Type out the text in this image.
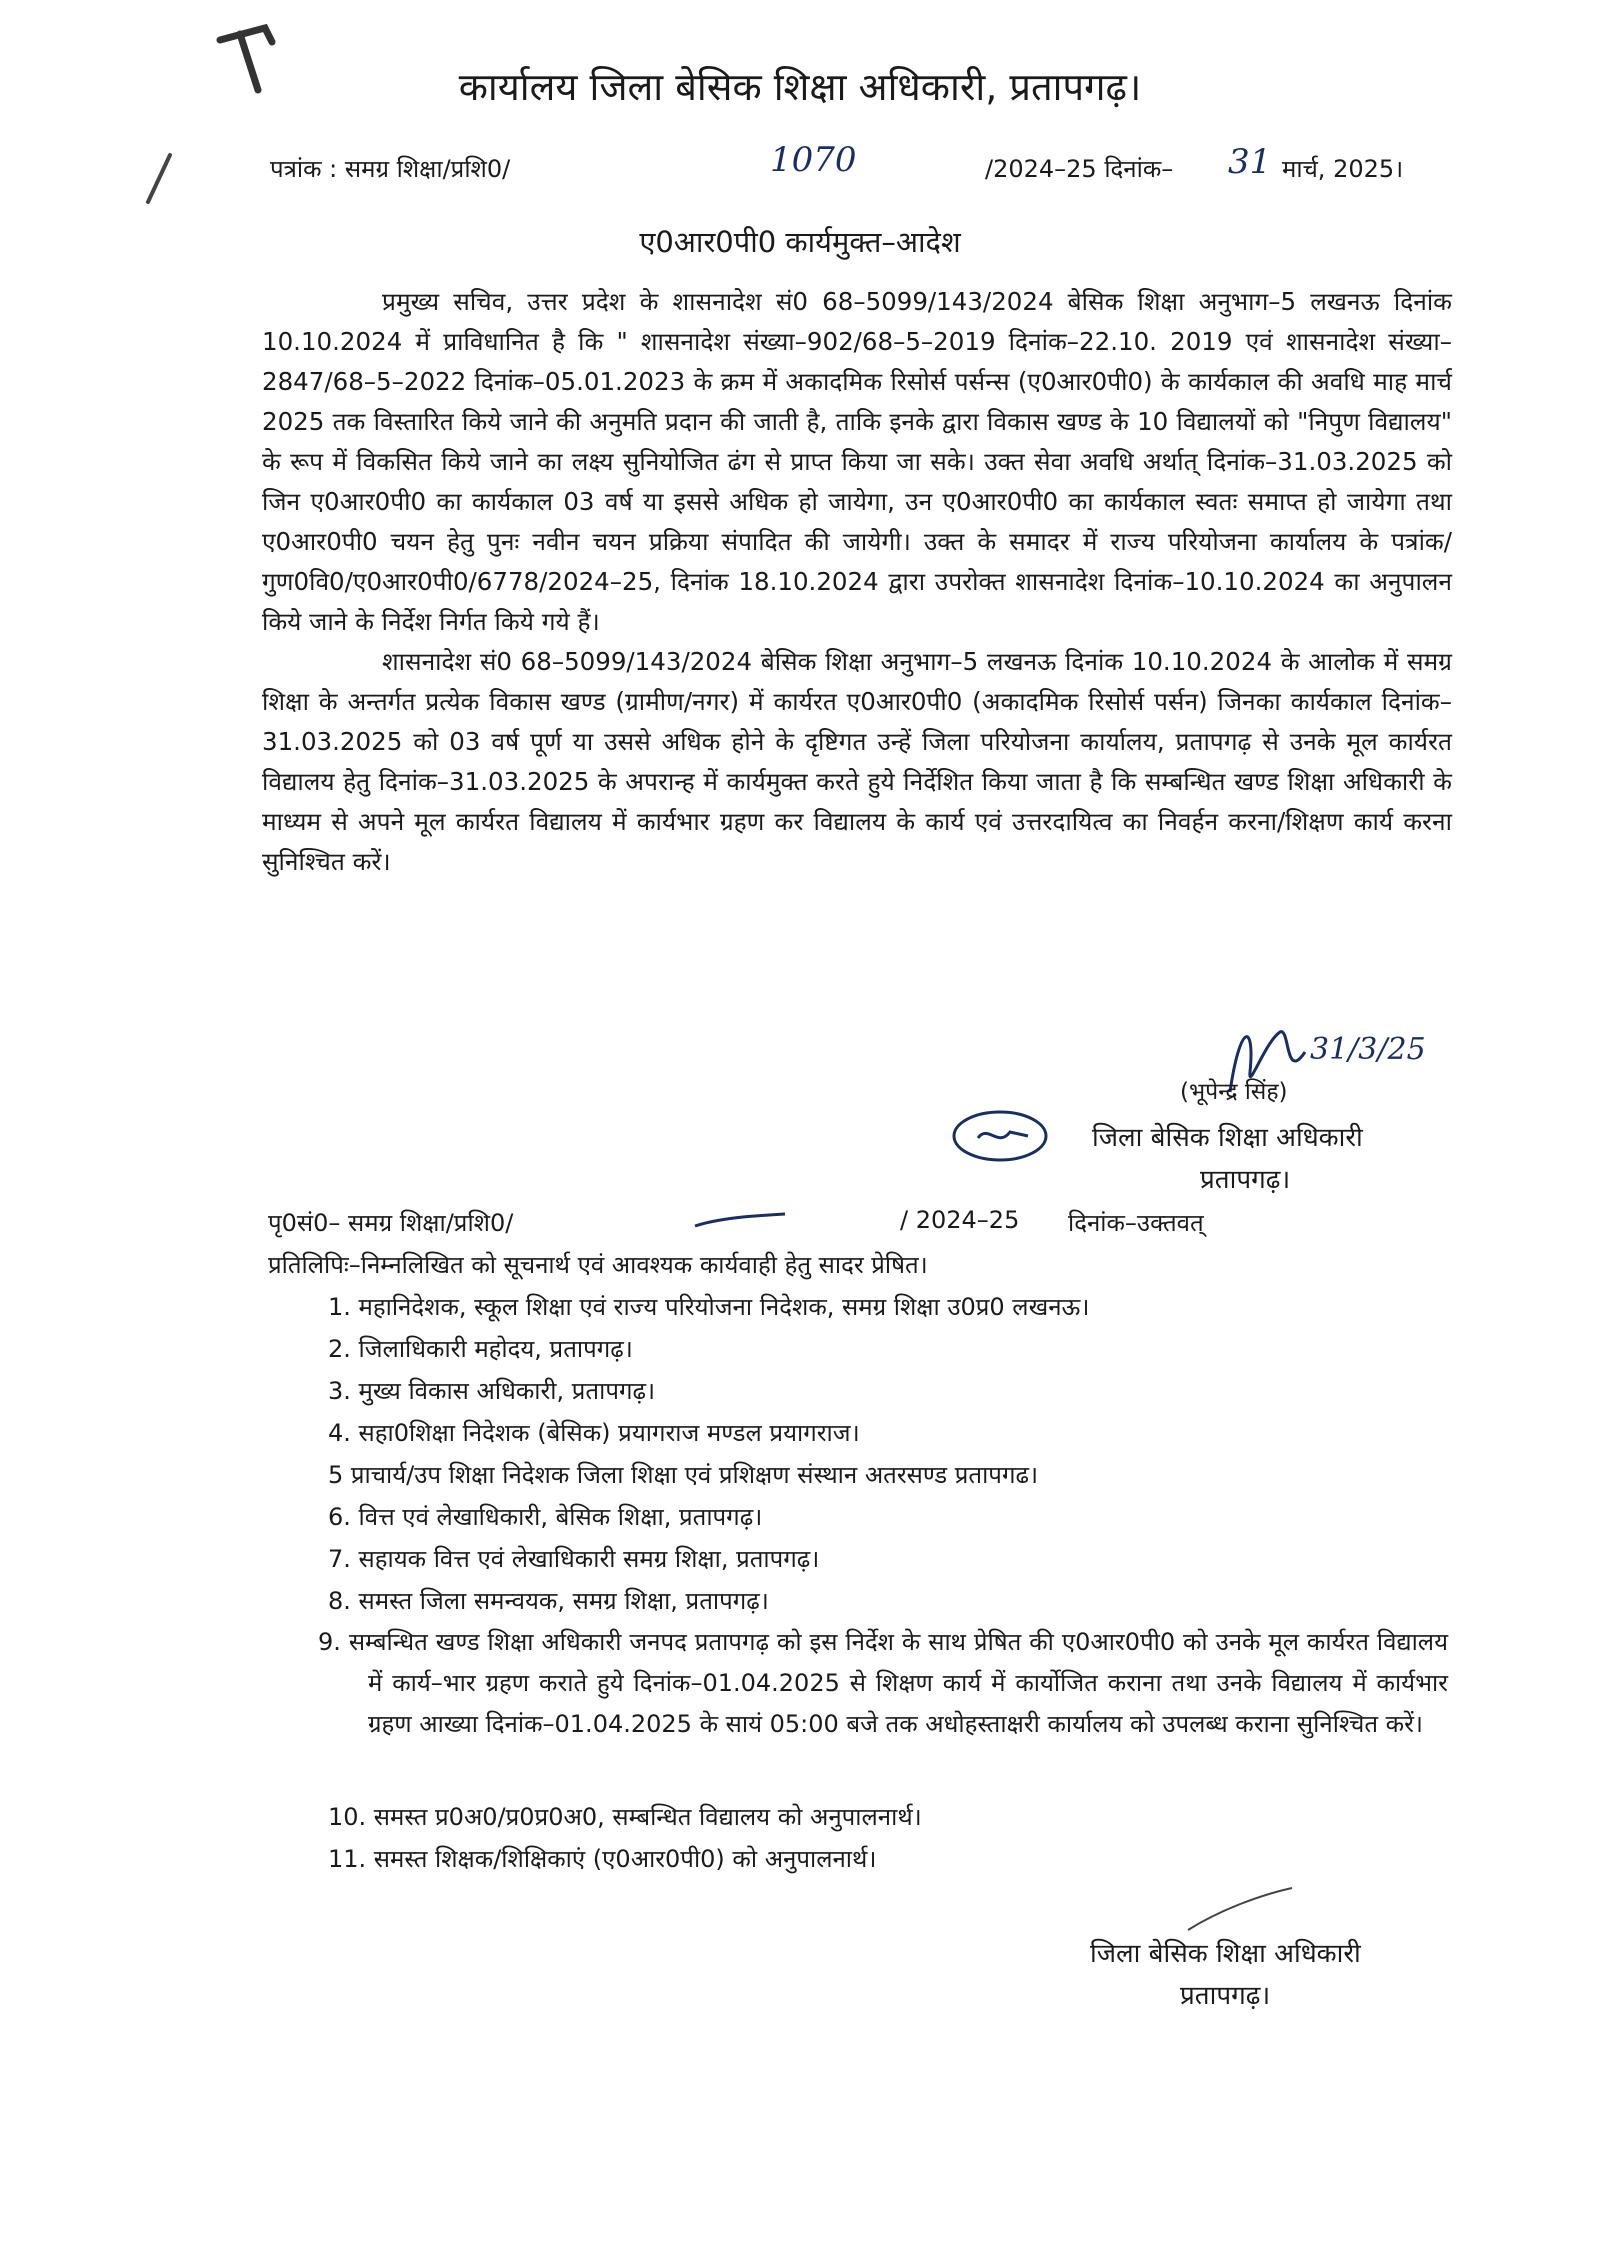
कार्यालय जिला बेसिक शिक्षा अधिकारी, प्रतापगढ़।
पत्रांक : समग्र शिक्षा/प्रशि0/	1070	/2024–25 दिनांक– 31 मार्च, 2025।
ए0आर0पी0 कार्यमुक्त–आदेश

प्रमुख्य सचिव, उत्तर प्रदेश के शासनादेश सं0 68–5099/143/2024 बेसिक शिक्षा अनुभाग–5 लखनऊ दिनांक 10.10.2024 में प्राविधानित है कि " शासनादेश संख्या–902/68–5–2019 दिनांक–22.10. 2019 एवं शासनादेश संख्या–2847/68–5–2022 दिनांक–05.01.2023 के क्रम में अकादमिक रिसोर्स पर्सन्स (ए0आर0पी0) के कार्यकाल की अवधि माह मार्च 2025 तक विस्तारित किये जाने की अनुमति प्रदान की जाती है, ताकि इनके द्वारा विकास खण्ड के 10 विद्यालयों को "निपुण विद्यालय" के रूप में विकसित किये जाने का लक्ष्य सुनियोजित ढंग से प्राप्त किया जा सके। उक्त सेवा अवधि अर्थात् दिनांक–31.03.2025 को जिन ए0आर0पी0 का कार्यकाल 03 वर्ष या इससे अधिक हो जायेगा, उन ए0आर0पी0 का कार्यकाल स्वतः समाप्त हो जायेगा तथा ए0आर0पी0 चयन हेतु पुनः नवीन चयन प्रक्रिया संपादित की जायेगी। उक्त के समादर में राज्य परियोजना कार्यालय के पत्रांक/ गुण0वि0/ए0आर0पी0/6778/2024–25, दिनांक 18.10.2024 द्वारा उपरोक्त शासनादेश दिनांक–10.10.2024 का अनुपालन किये जाने के निर्देश निर्गत किये गये हैं।

शासनादेश सं0 68–5099/143/2024 बेसिक शिक्षा अनुभाग–5 लखनऊ दिनांक 10.10.2024 के आलोक में समग्र शिक्षा के अन्तर्गत प्रत्येक विकास खण्ड (ग्रामीण/नगर) में कार्यरत ए0आर0पी0 (अकादमिक रिसोर्स पर्सन) जिनका कार्यकाल दिनांक–31.03.2025 को 03 वर्ष पूर्ण या उससे अधिक होने के दृष्टिगत उन्हें जिला परियोजना कार्यालय, प्रतापगढ़ से उनके मूल कार्यरत विद्यालय हेतु दिनांक–31.03.2025 के अपरान्ह में कार्यमुक्त करते हुये निर्देशित किया जाता है कि सम्बन्धित खण्ड शिक्षा अधिकारी के माध्यम से अपने मूल कार्यरत विद्यालय में कार्यभार ग्रहण कर विद्यालय के कार्य एवं उत्तरदायित्व का निवर्हन करना/शिक्षण कार्य करना सुनिश्चित करें।

31/3/25
(भूपेन्द्र सिंह)
जिला बेसिक शिक्षा अधिकारी
प्रतापगढ़।
पृ0सं0– समग्र शिक्षा/प्रशि0/	/ 2024–25 दिनांक–उक्तवत्
प्रतिलिपिः–निम्नलिखित को सूचनार्थ एवं आवश्यक कार्यवाही हेतु सादर प्रेषित।
1. महानिदेशक, स्कूल शिक्षा एवं राज्य परियोजना निदेशक, समग्र शिक्षा उ0प्र0 लखनऊ।
2. जिलाधिकारी महोदय, प्रतापगढ़।
3. मुख्य विकास अधिकारी, प्रतापगढ़।
4. सहा0शिक्षा निदेशक (बेसिक) प्रयागराज मण्डल प्रयागराज।
5 प्राचार्य/उप शिक्षा निदेशक जिला शिक्षा एवं प्रशिक्षण संस्थान अतरसण्ड प्रतापगढ।
6. वित्त एवं लेखाधिकारी, बेसिक शिक्षा, प्रतापगढ़।
7. सहायक वित्त एवं लेखाधिकारी समग्र शिक्षा, प्रतापगढ़।
8. समस्त जिला समन्वयक, समग्र शिक्षा, प्रतापगढ़।
9. सम्बन्धित खण्ड शिक्षा अधिकारी जनपद प्रतापगढ़ को इस निर्देश के साथ प्रेषित की ए0आर0पी0 को उनके मूल कार्यरत विद्यालय में कार्य–भार ग्रहण कराते हुये दिनांक–01.04.2025 से शिक्षण कार्य में कार्योजित कराना तथा उनके विद्यालय में कार्यभार ग्रहण आख्या दिनांक–01.04.2025 के सायं 05:00 बजे तक अधोहस्ताक्षरी कार्यालय को उपलब्ध कराना सुनिश्चित करें।
10. समस्त प्र0अ0/प्र0प्र0अ0, सम्बन्धित विद्यालय को अनुपालनार्थ।
11. समस्त शिक्षक/शिक्षिकाएं (ए0आर0पी0) को अनुपालनार्थ।
जिला बेसिक शिक्षा अधिकारी
प्रतापगढ़।
